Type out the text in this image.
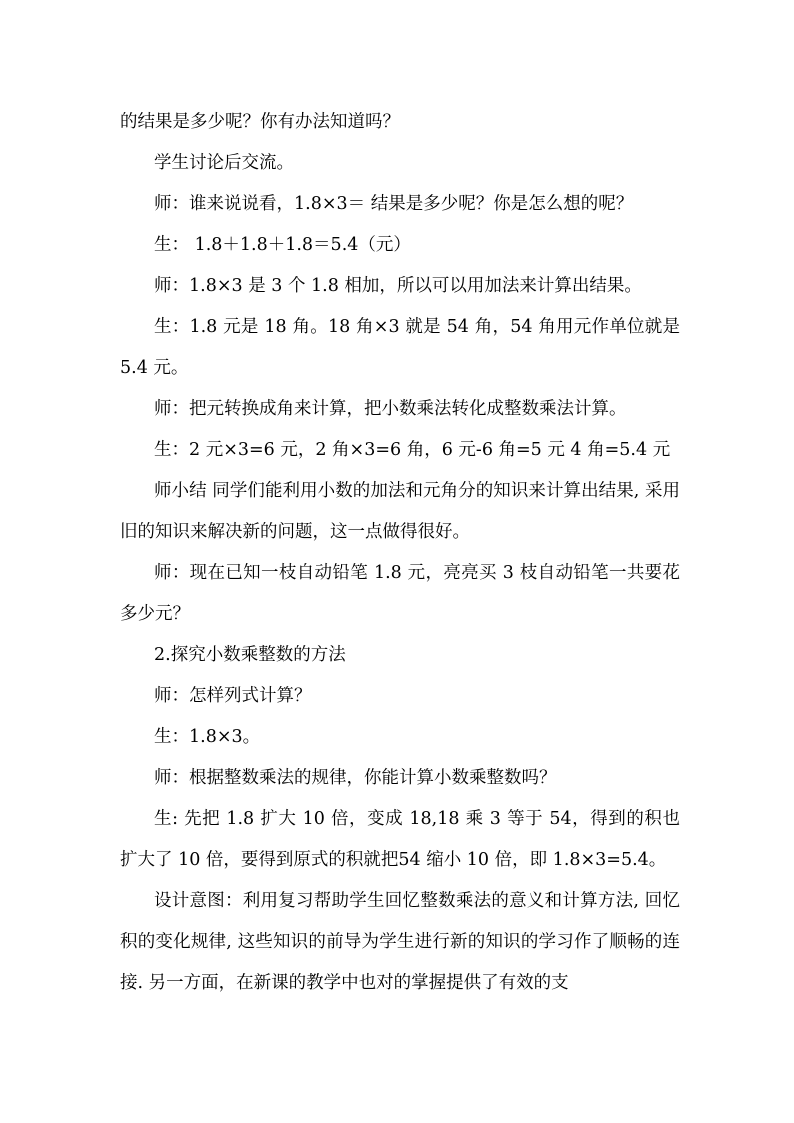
的结果是多少呢？你有办法知道吗？

学生讨论后交流。

师：谁来说说看，1.8×3＝ 结果是多少呢？你是怎么想的呢？

生： 1.8＋1.8＋1.8＝5.4（元）

师：1.8×3 是 3 个 1.8 相加，所以可以用加法来计算出结果。

生：1.8 元是 18 角。18 角×3 就是 54 角，54 角用元作单位就是 5.4 元。

师：把元转换成角来计算，把小数乘法转化成整数乘法计算。

生：2 元×3=6 元，2 角×3=6 角，6 元-6 角=5 元 4 角=5.4 元

师小结 同学们能利用小数的加法和元角分的知识来计算出结果, 采用旧的知识来解决新的问题，这一点做得很好。

师：现在已知一枝自动铅笔 1.8 元，亮亮买 3 枝自动铅笔一共要花多少元？

2.探究小数乘整数的方法

师：怎样列式计算？

生：1.8×3。

师：根据整数乘法的规律，你能计算小数乘整数吗？

生: 先把 1.8 扩大 10 倍，变成 18,18 乘 3 等于 54，得到的积也扩大了 10 倍，要得到原式的积就把54 缩小 10 倍，即 1.8×3=5.4。

设计意图：利用复习帮助学生回忆整数乘法的意义和计算方法, 回忆积的变化规律, 这些知识的前导为学生进行新的知识的学习作了顺畅的连接. 另一方面，在新课的教学中也对的掌握提供了有效的支
